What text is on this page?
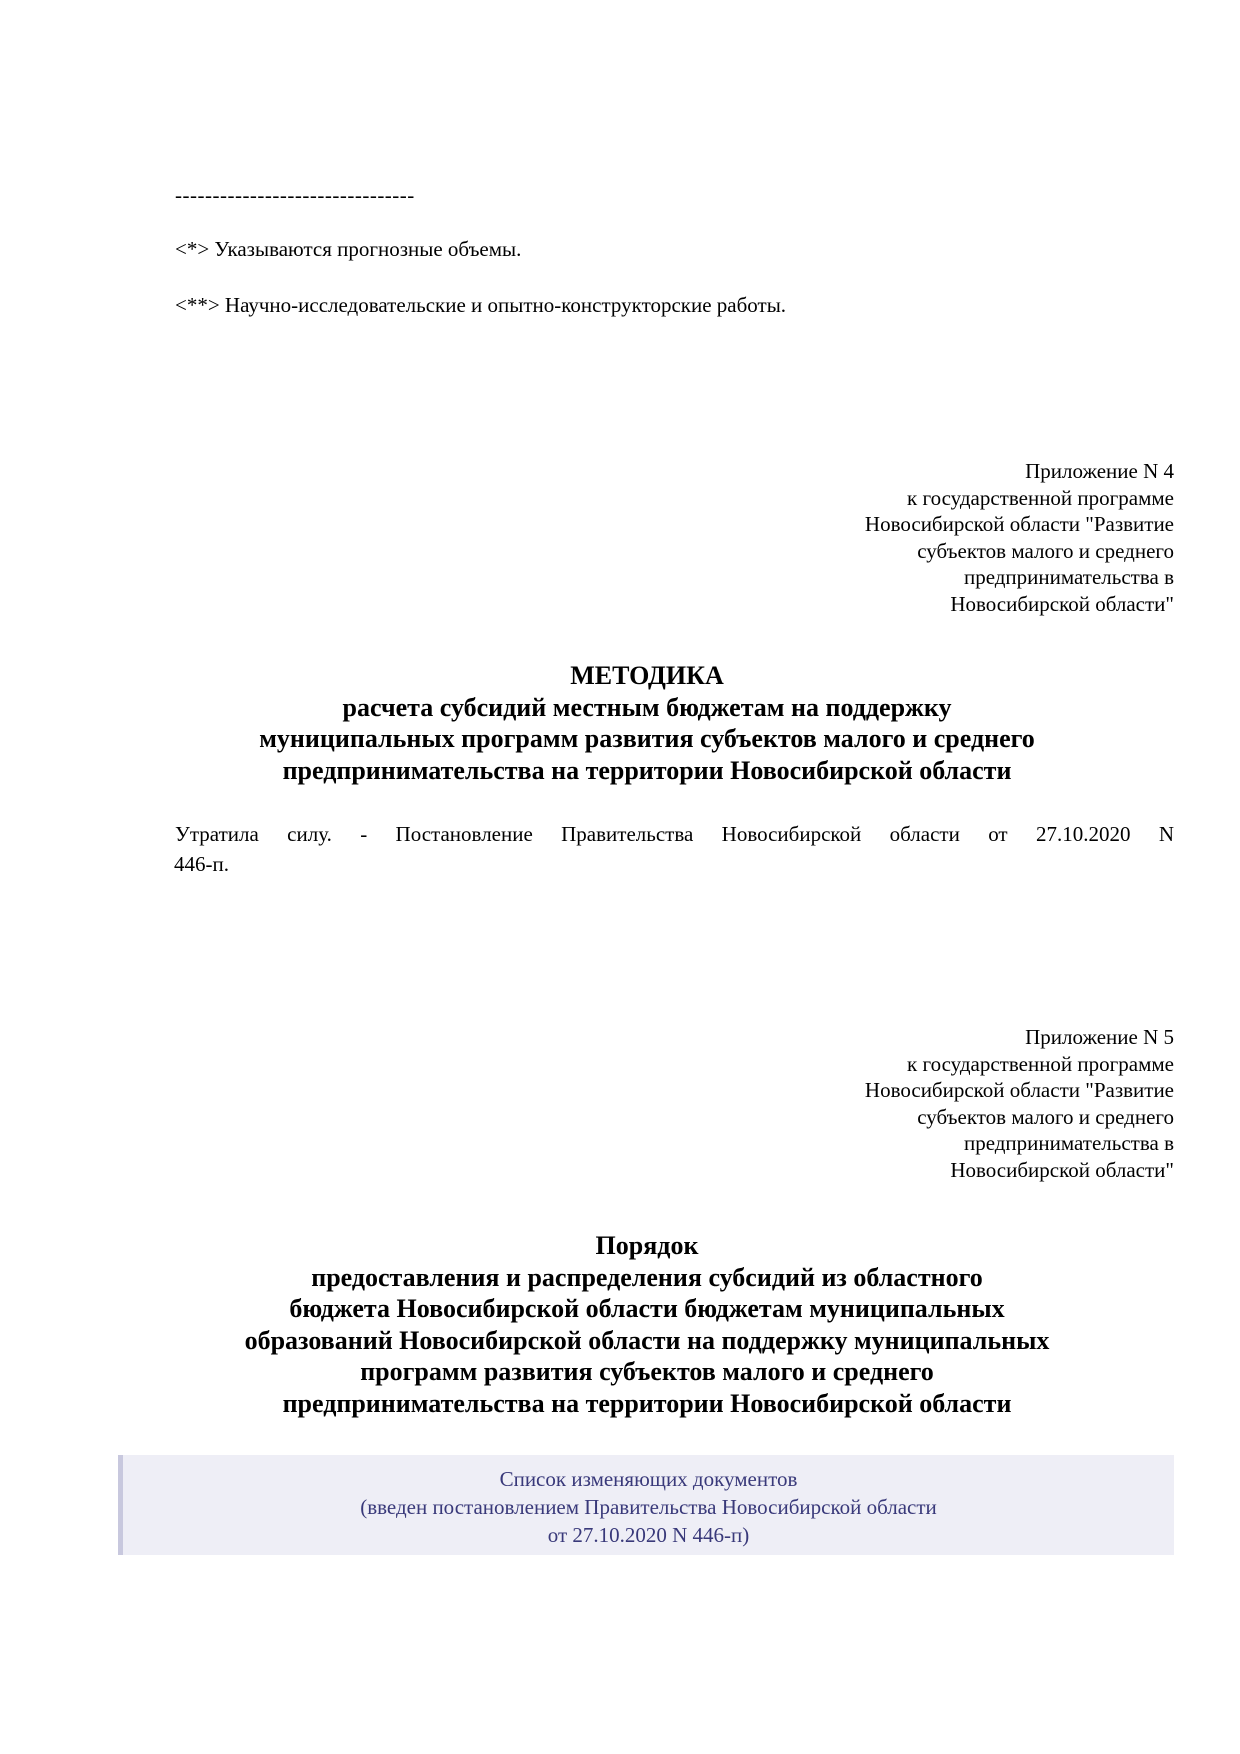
--------------------------------
<*> Указываются прогнозные объемы.
<**> Научно-исследовательские и опытно-конструкторские работы.
Приложение N 4
к государственной программе
Новосибирской области "Развитие
субъектов малого и среднего
предпринимательства в
Новосибирской области"
МЕТОДИКА
расчета субсидий местным бюджетам на поддержку
муниципальных программ развития субъектов малого и среднего
предпринимательства на территории Новосибирской области
Утратила силу. - Постановление Правительства Новосибирской области от 27.10.2020 N
446-п.
Приложение N 5
к государственной программе
Новосибирской области "Развитие
субъектов малого и среднего
предпринимательства в
Новосибирской области"
Порядок
предоставления и распределения субсидий из областного
бюджета Новосибирской области бюджетам муниципальных
образований Новосибирской области на поддержку муниципальных
программ развития субъектов малого и среднего
предпринимательства на территории Новосибирской области
Список изменяющих документов
(введен постановлением Правительства Новосибирской области
от 27.10.2020 N 446-п)
